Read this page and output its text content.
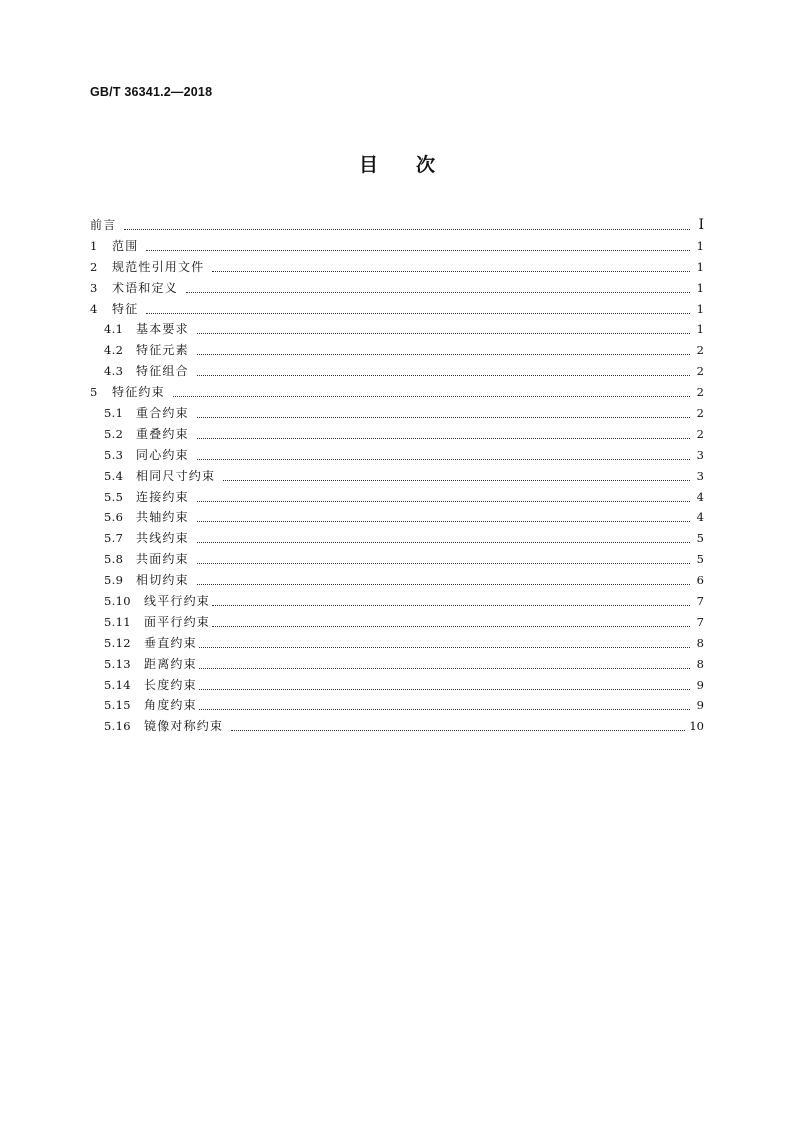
GB/T 36341.2—2018
目 次
前言	Ⅰ
1	范围	1
2	规范性引用文件	1
3	术语和定义	1
4	特征	1
4.1	基本要求	1
4.2	特征元素	2
4.3	特征组合	2
5	特征约束	2
5.1	重合约束	2
5.2	重叠约束	2
5.3	同心约束	3
5.4	相同尺寸约束	3
5.5	连接约束	4
5.6	共轴约束	4
5.7	共线约束	5
5.8	共面约束	5
5.9	相切约束	6
5.10	线平行约束	7
5.11	面平行约束	7
5.12	垂直约束	8
5.13	距离约束	8
5.14	长度约束	9
5.15	角度约束	9
5.16	镜像对称约束	10
